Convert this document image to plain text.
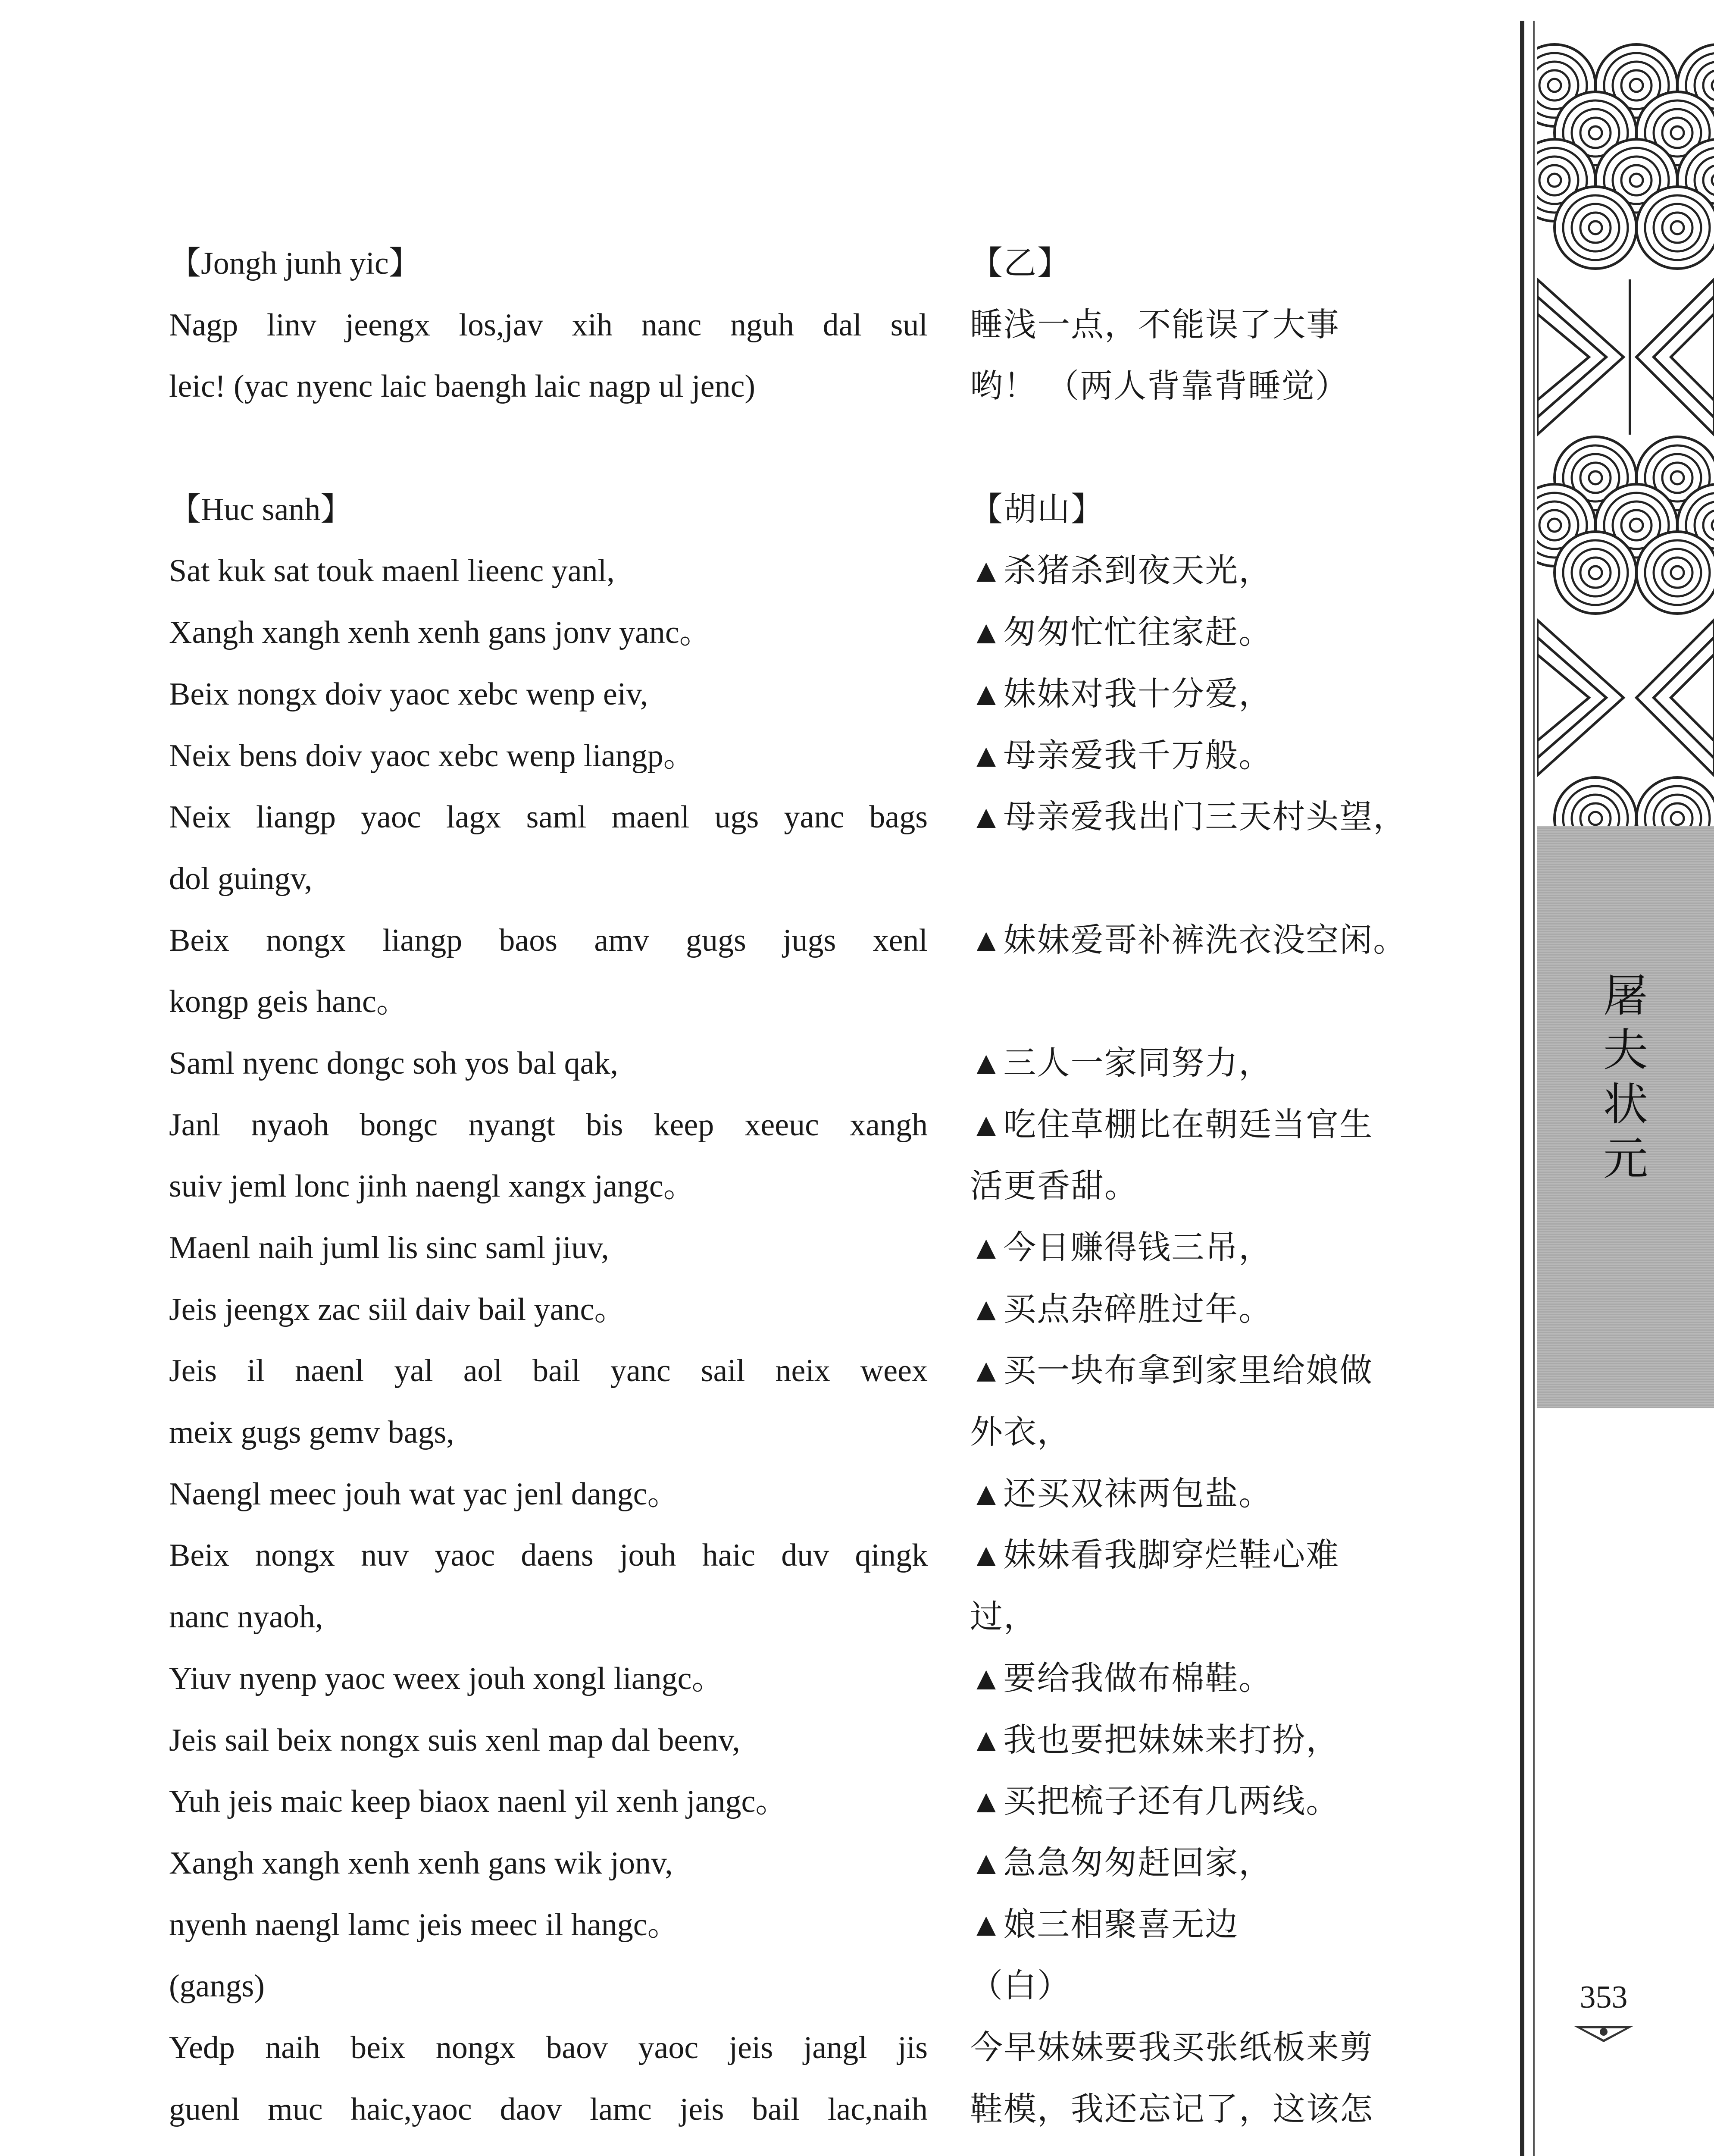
【Jongh junh yic】
Nagp linv jeengx los,jav xih nanc nguh dal sul
leic! (yac nyenc laic baengh laic nagp ul jenc)
【Huc sanh】
Sat kuk sat touk maenl lieenc yanl,
Xangh xangh xenh xenh gans jonv yanc。
Beix nongx doiv yaoc xebc wenp eiv,
Neix bens doiv yaoc xebc wenp liangp。
Neix liangp yaoc lagx saml maenl ugs yanc bags
dol guingv,
Beix nongx liangp baos amv gugs jugs xenl
kongp geis hanc。
Saml nyenc dongc soh yos bal qak,
Janl nyaoh bongc nyangt bis keep xeeuc xangh
suiv jeml lonc jinh naengl xangx jangc。
Maenl naih juml lis sinc saml jiuv,
Jeis jeengx zac siil daiv bail yanc。
Jeis il naenl yal aol bail yanc sail neix weex
meix gugs gemv bags,
Naengl meec jouh wat yac jenl dangc。
Beix nongx nuv yaoc daens jouh haic duv qingk
nanc nyaoh,
Yiuv nyenp yaoc weex jouh xongl liangc。
Jeis sail beix nongx suis xenl map dal beenv,
Yuh jeis maic keep biaox naenl yil xenh jangc。
Xangh xangh xenh xenh gans wik jonv,
nyenh naengl lamc jeis meec il hangc。
(gangs)
Yedp naih beix nongx baov yaoc jeis jangl jis
guenl muc haic,yaoc daov lamc jeis bail lac,naih
【乙】
睡浅一点，不能误了大事
哟！ （两人背靠背睡觉）
【胡山】
▲杀猪杀到夜天光，
▲匆匆忙忙往家赶。
▲妹妹对我十分爱，
▲母亲爱我千万般。
▲母亲爱我出门三天村头望，
▲妹妹爱哥补裤洗衣没空闲。
▲三人一家同努力，
▲吃住草棚比在朝廷当官生
活更香甜。
▲今日赚得钱三吊，
▲买点杂碎胜过年。
▲买一块布拿到家里给娘做
外衣，
▲还买双袜两包盐。
▲妹妹看我脚穿烂鞋心难
过，
▲要给我做布棉鞋。
▲我也要把妹妹来打扮，
▲买把梳子还有几两线。
▲急急匆匆赶回家，
▲娘三相聚喜无边
（白）
今早妹妹要我买张纸板来剪
鞋模，我还忘记了，这该怎
屠夫状元
353
